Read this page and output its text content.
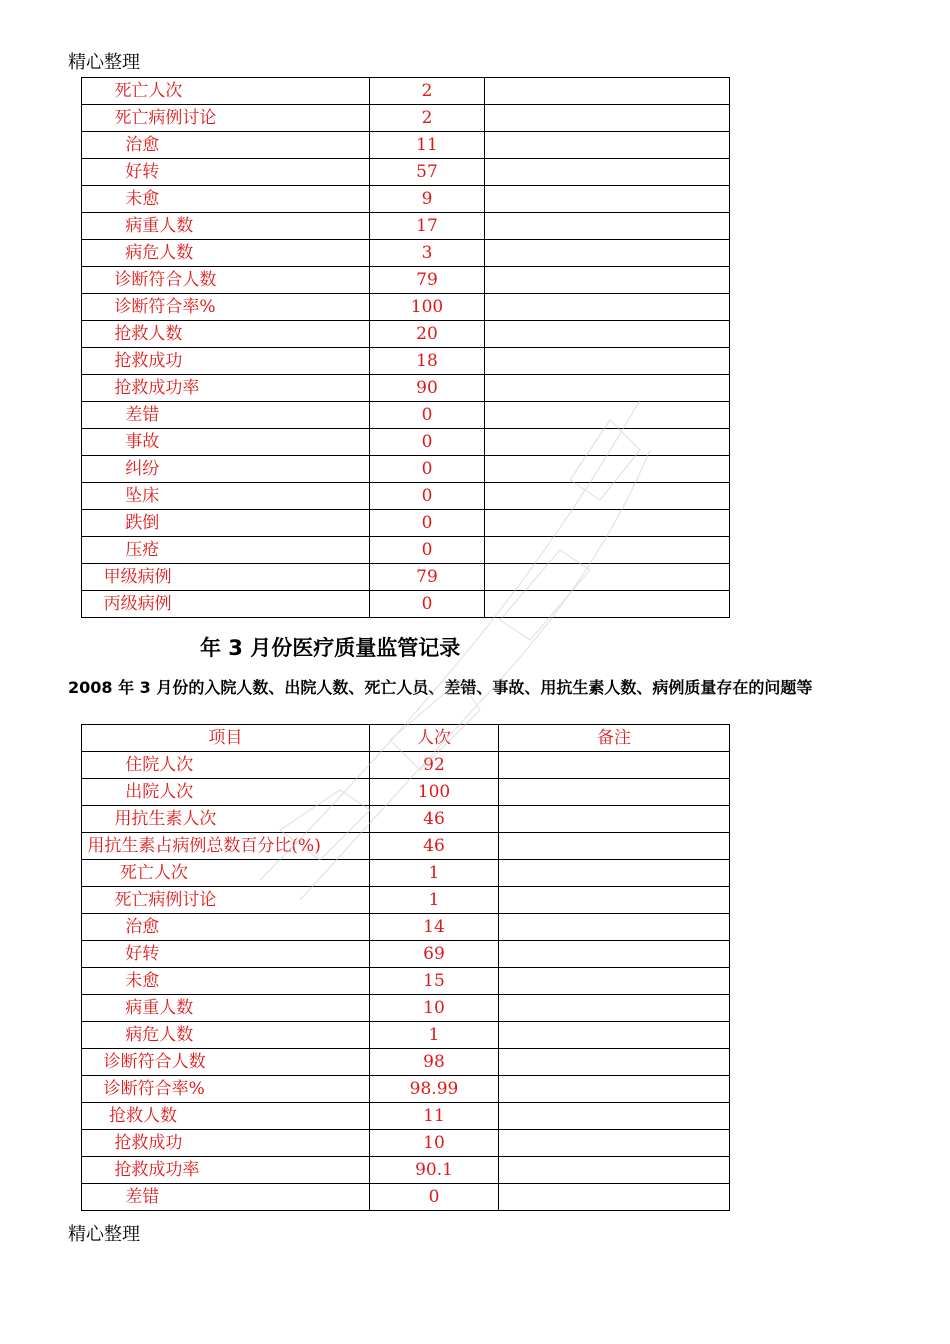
精心整理
死亡人次	2	
死亡病例讨论	2	
治愈	11	
好转	57	
未愈	9	
病重人数	17	
病危人数	3	
诊断符合人数	79	
诊断符合率%	100	
抢救人数	20	
抢救成功	18	
抢救成功率	90	
差错	0	
事故	0	
纠纷	0	
坠床	0	
跌倒	0	
压疮	0	
甲级病例	79	
丙级病例	0	
年 3 月份医疗质量监管记录
2008 年 3 月份的入院人数、出院人数、死亡人员、差错、事故、用抗生素人数、病例质量存在的问题等
项目	人次	备注
住院人次	92	
出院人次	100	
用抗生素人次	46	
用抗生素占病例总数百分比(%)	46	
死亡人次	1	
死亡病例讨论	1	
治愈	14	
好转	69	
未愈	15	
病重人数	10	
病危人数	1	
诊断符合人数	98	
诊断符合率%	98.99	
抢救人数	11	
抢救成功	10	
抢救成功率	90.1	
差错	0	
精心整理
